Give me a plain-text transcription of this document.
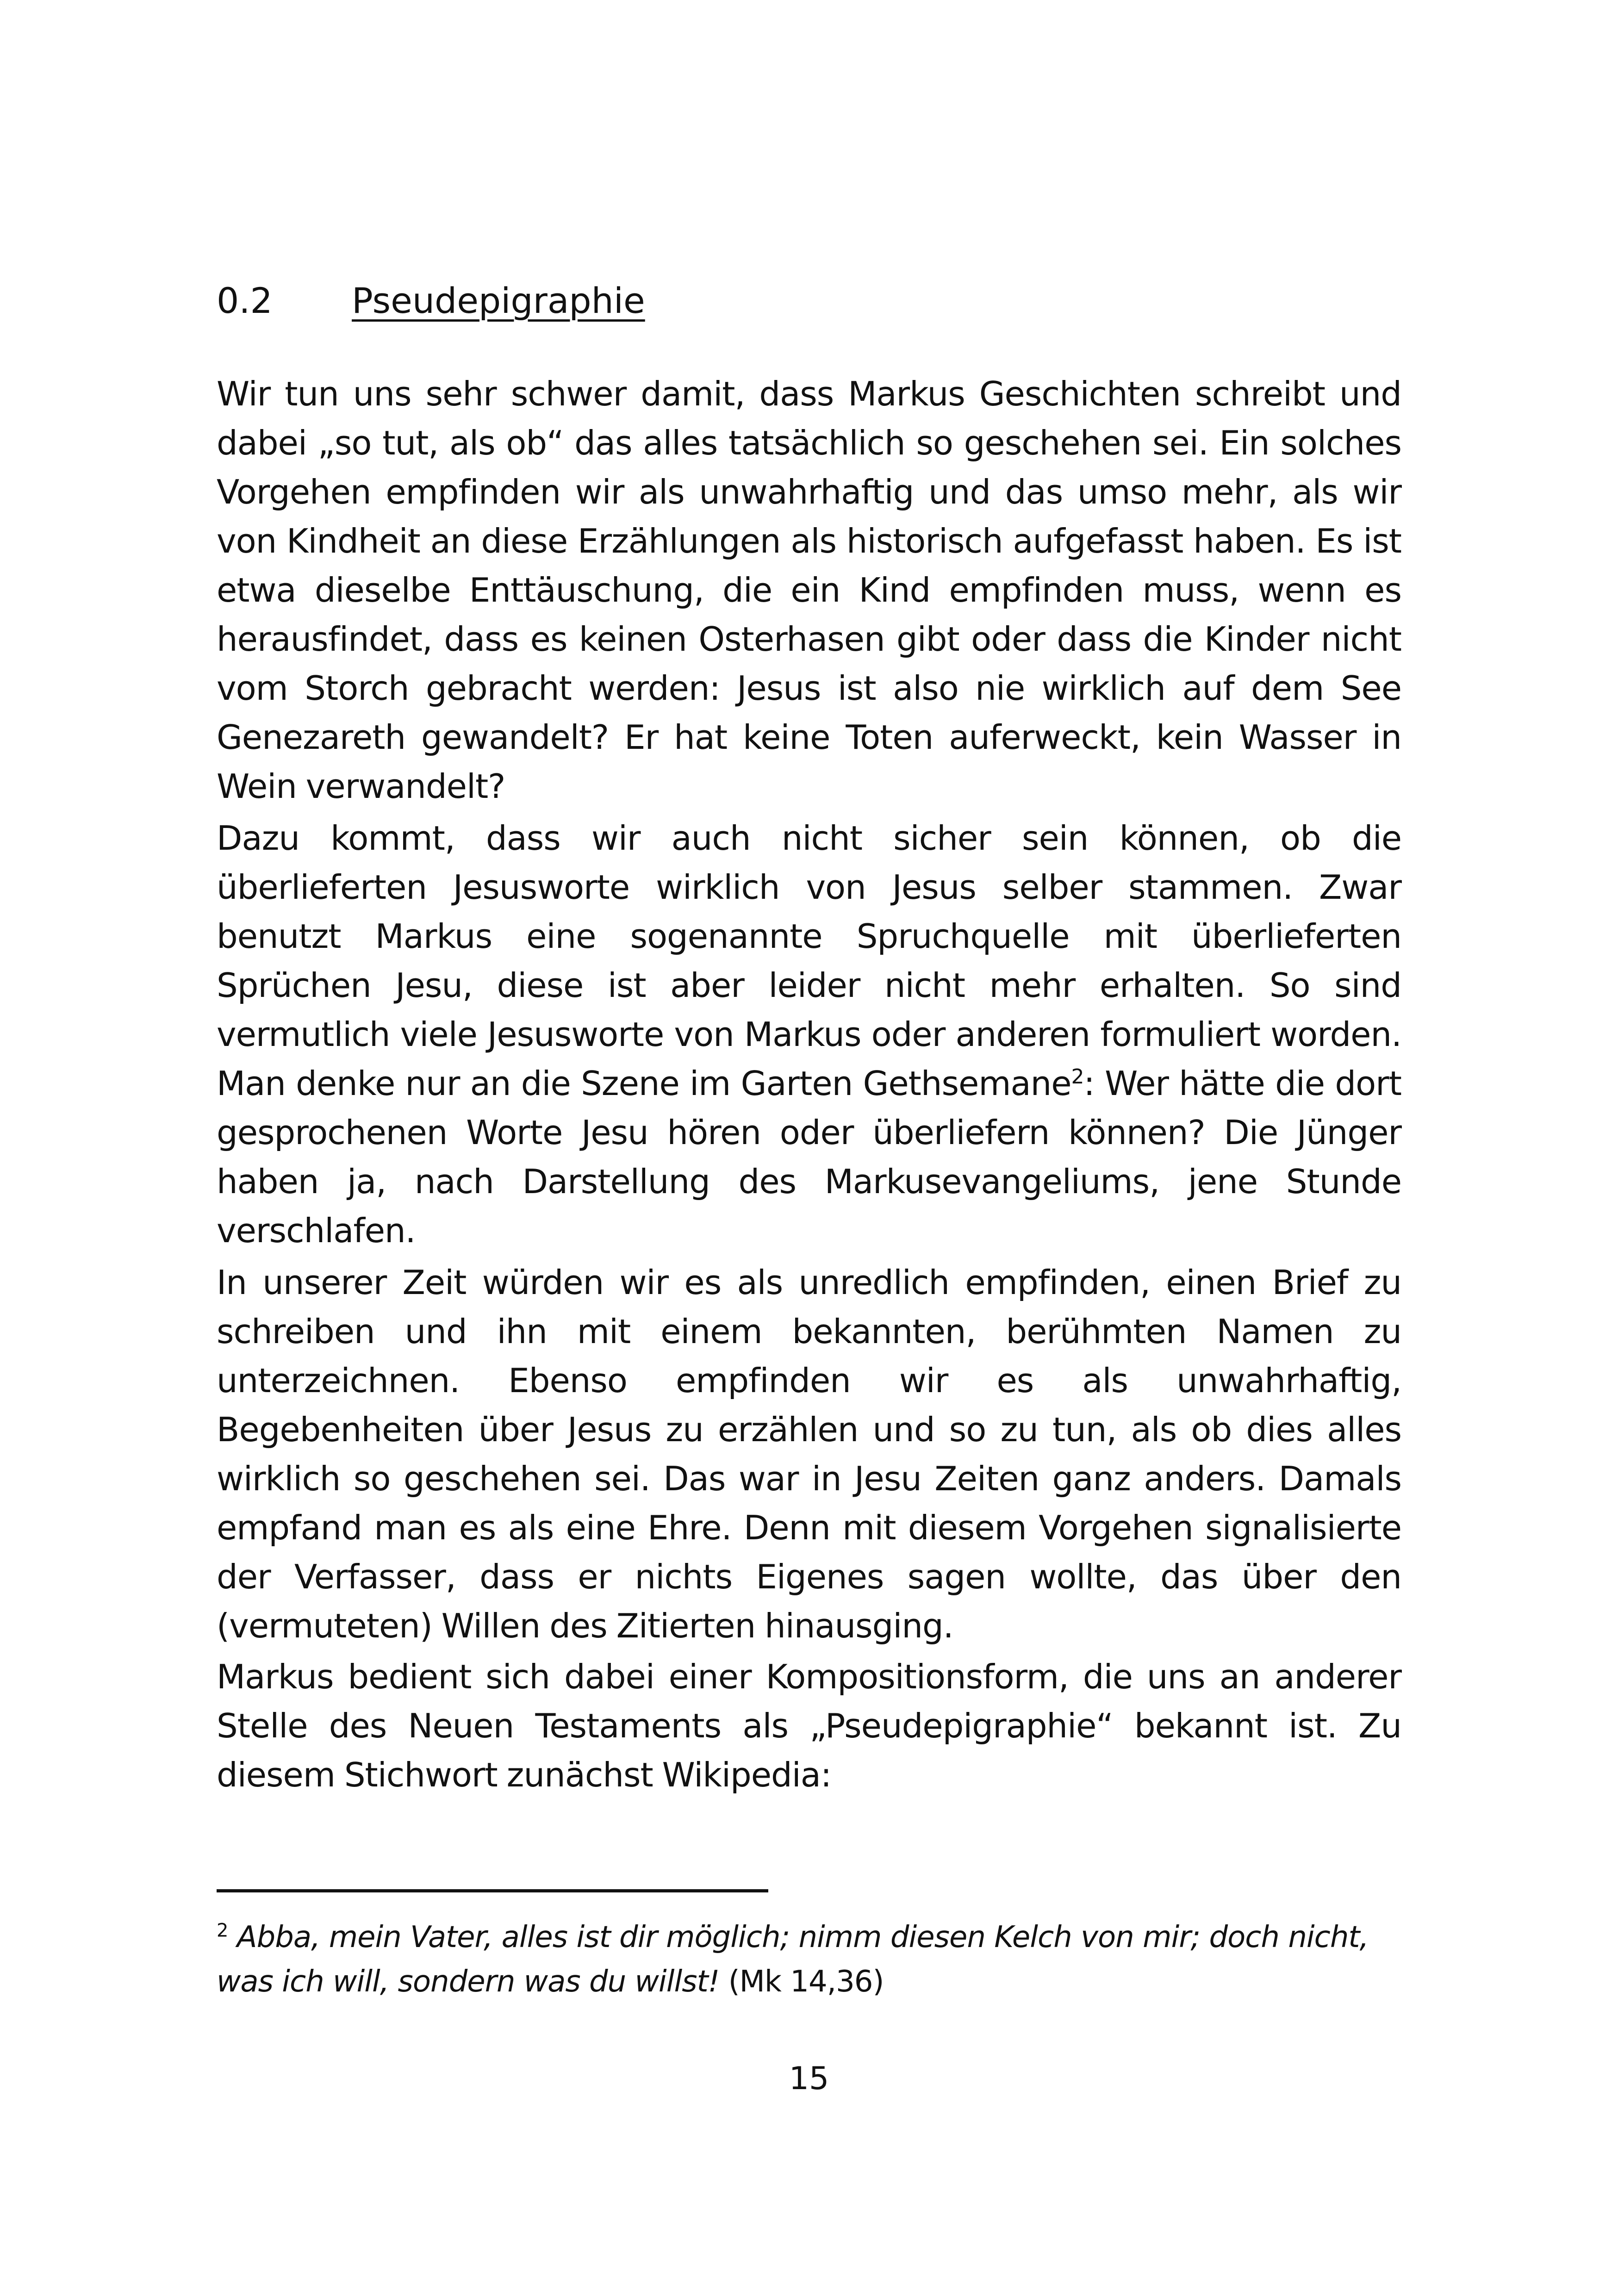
0.2 Pseudepigraphie

Wir tun uns sehr schwer damit, dass Markus Geschichten schreibt und dabei „so tut, als ob“ das alles tatsächlich so geschehen sei. Ein solches Vorgehen empfinden wir als unwahrhaftig und das umso mehr, als wir von Kindheit an diese Erzählungen als historisch aufgefasst haben. Es ist etwa dieselbe Enttäuschung, die ein Kind empfinden muss, wenn es herausfindet, dass es keinen Osterhasen gibt oder dass die Kinder nicht vom Storch gebracht werden: Jesus ist also nie wirklich auf dem See Genezareth gewandelt? Er hat keine Toten auferweckt, kein Wasser in Wein verwandelt?

Dazu kommt, dass wir auch nicht sicher sein können, ob die überlieferten Jesusworte wirklich von Jesus selber stammen. Zwar benutzt Markus eine sogenannte Spruchquelle mit überlieferten Sprüchen Jesu, diese ist aber leider nicht mehr erhalten. So sind vermutlich viele Jesusworte von Markus oder anderen formuliert worden. Man denke nur an die Szene im Garten Gethsemane$^2$: Wer hätte die dort gesprochenen Worte Jesu hören oder überliefern können? Die Jünger haben ja, nach Darstellung des Markusevangeliums, jene Stunde verschlafen.

In unserer Zeit würden wir es als unredlich empfinden, einen Brief zu schreiben und ihn mit einem bekannten, berühmten Namen zu unterzeichnen. Ebenso empfinden wir es als unwahrhaftig, Begebenheiten über Jesus zu erzählen und so zu tun, als ob dies alles wirklich so geschehen sei. Das war in Jesu Zeiten ganz anders. Damals empfand man es als eine Ehre. Denn mit diesem Vorgehen signalisierte der Verfasser, dass er nichts Eigenes sagen wollte, das über den (vermuteten) Willen des Zitierten hinausging.

Markus bedient sich dabei einer Kompositionsform, die uns an anderer Stelle des Neuen Testaments als „Pseudepigraphie“ bekannt ist. Zu diesem Stichwort zunächst Wikipedia:

$^2$ Abba, mein Vater, alles ist dir möglich; nimm diesen Kelch von mir; doch nicht, was ich will, sondern was du willst! (Mk 14,36)

15
